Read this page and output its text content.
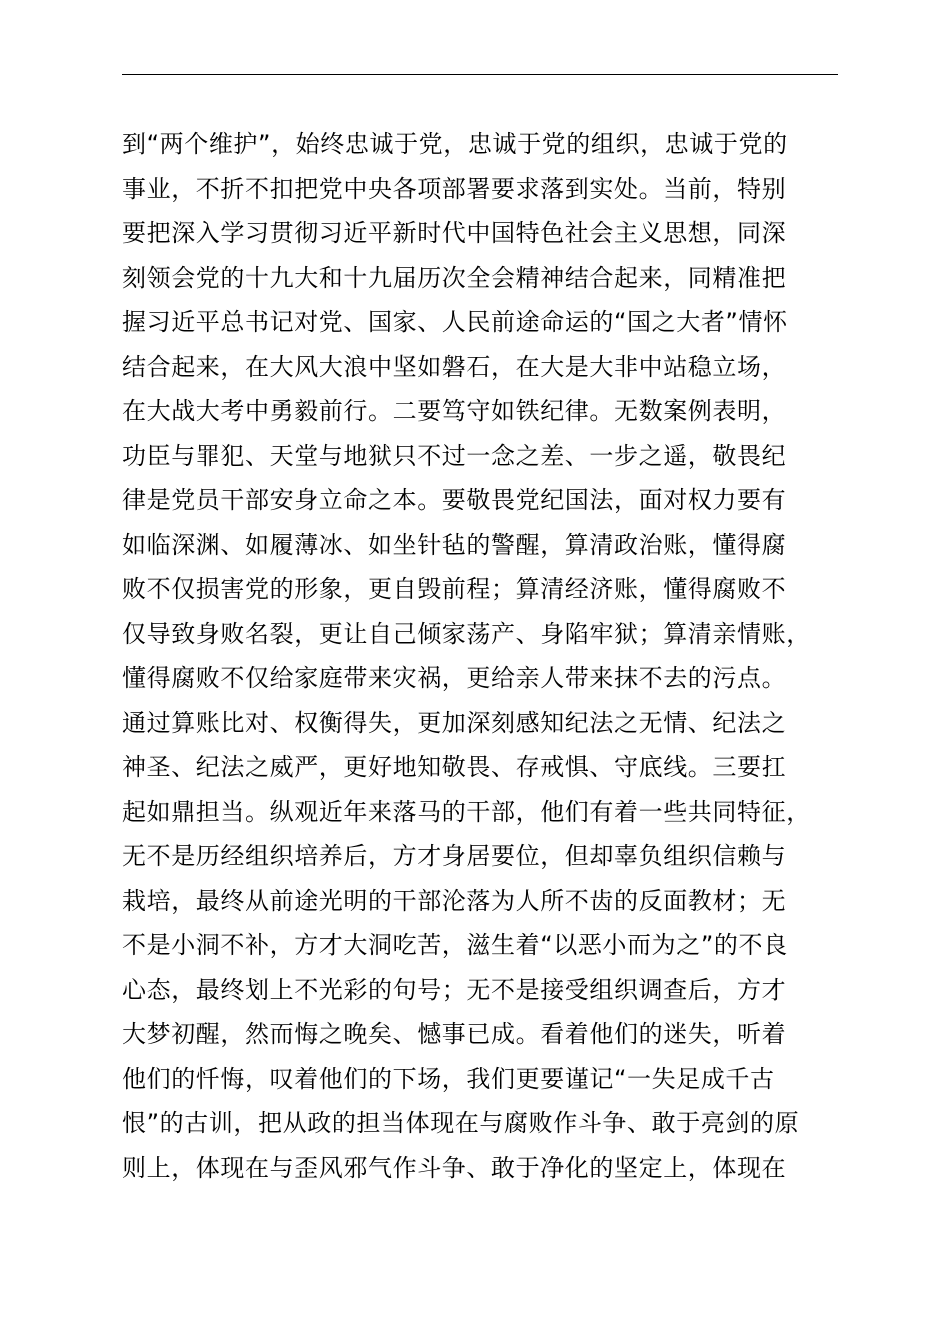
到“两个维护”，始终忠诚于党，忠诚于党的组织，忠诚于党的
事业，不折不扣把党中央各项部署要求落到实处。当前，特别
要把深入学习贯彻习近平新时代中国特色社会主义思想，同深
刻领会党的十九大和十九届历次全会精神结合起来，同精准把
握习近平总书记对党、国家、人民前途命运的“国之大者”情怀
结合起来，在大风大浪中坚如磐石，在大是大非中站稳立场，
在大战大考中勇毅前行。二要笃守如铁纪律。无数案例表明，
功臣与罪犯、天堂与地狱只不过一念之差、一步之遥，敬畏纪
律是党员干部安身立命之本。要敬畏党纪国法，面对权力要有
如临深渊、如履薄冰、如坐针毡的警醒，算清政治账，懂得腐
败不仅损害党的形象，更自毁前程；算清经济账，懂得腐败不
仅导致身败名裂，更让自己倾家荡产、身陷牢狱；算清亲情账，
懂得腐败不仅给家庭带来灾祸，更给亲人带来抹不去的污点。
通过算账比对、权衡得失，更加深刻感知纪法之无情、纪法之
神圣、纪法之威严，更好地知敬畏、存戒惧、守底线。三要扛
起如鼎担当。纵观近年来落马的干部，他们有着一些共同特征，
无不是历经组织培养后，方才身居要位，但却辜负组织信赖与
栽培，最终从前途光明的干部沦落为人所不齿的反面教材；无
不是小洞不补，方才大洞吃苦，滋生着“以恶小而为之”的不良
心态，最终划上不光彩的句号；无不是接受组织调查后，方才
大梦初醒，然而悔之晚矣、憾事已成。看着他们的迷失，听着
他们的忏悔，叹着他们的下场，我们更要谨记“一失足成千古
恨”的古训，把从政的担当体现在与腐败作斗争、敢于亮剑的原
则上，体现在与歪风邪气作斗争、敢于净化的坚定上，体现在
